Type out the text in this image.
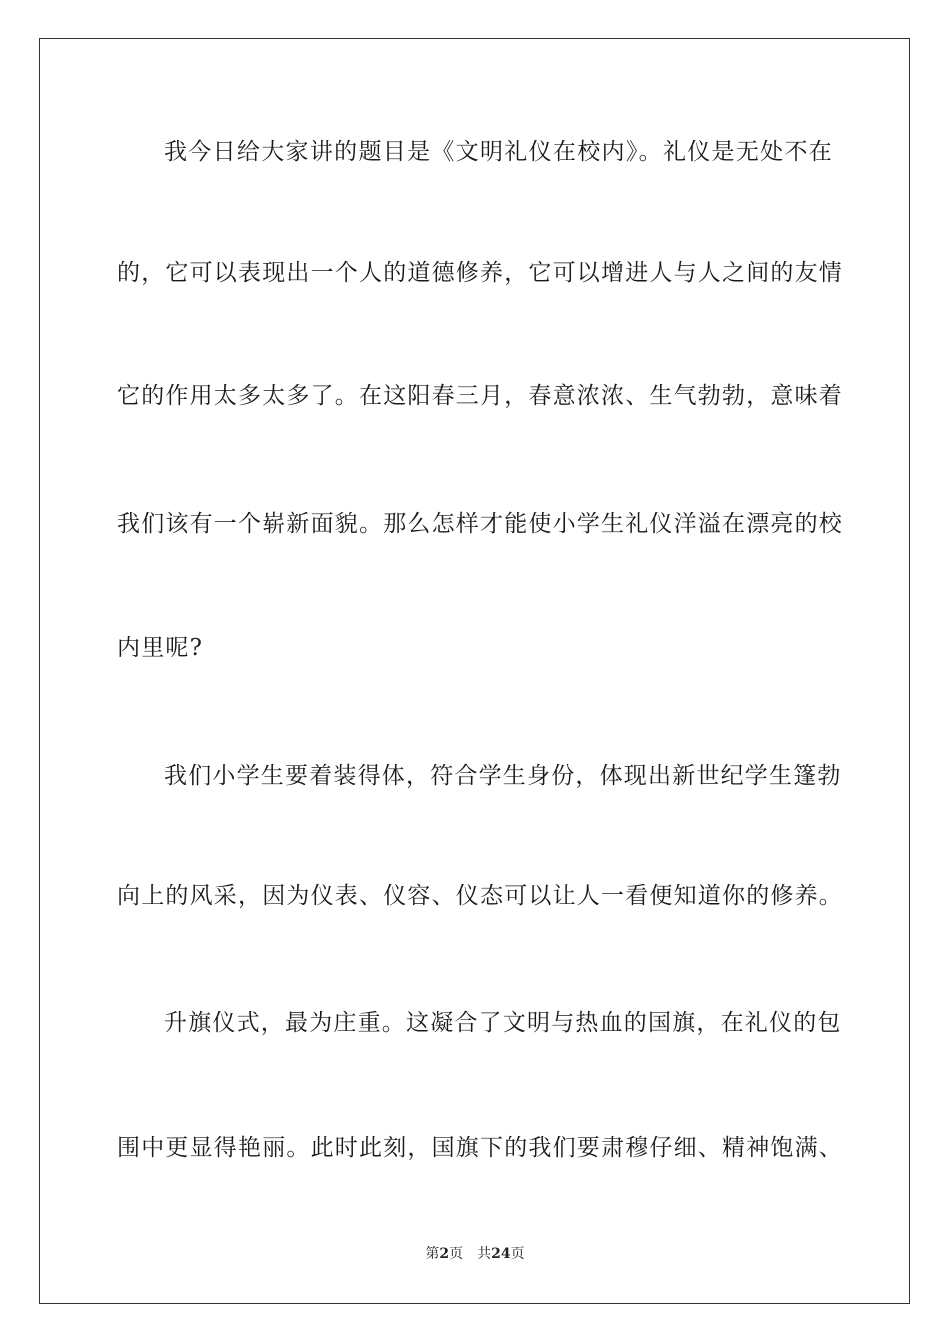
我今日给大家讲的题目是《文明礼仪在校内》。礼仪是无处不在
的，它可以表现出一个人的道德修养，它可以增进人与人之间的友情
它的作用太多太多了。在这阳春三月，春意浓浓、生气勃勃，意味着
我们该有一个崭新面貌。那么怎样才能使小学生礼仪洋溢在漂亮的校
内里呢?
我们小学生要着装得体，符合学生身份，体现出新世纪学生篷勃
向上的风采，因为仪表、仪容、仪态可以让人一看便知道你的修养。
升旗仪式，最为庄重。这凝合了文明与热血的国旗，在礼仪的包
围中更显得艳丽。此时此刻，国旗下的我们要肃穆仔细、精神饱满、
第2页 共24页
